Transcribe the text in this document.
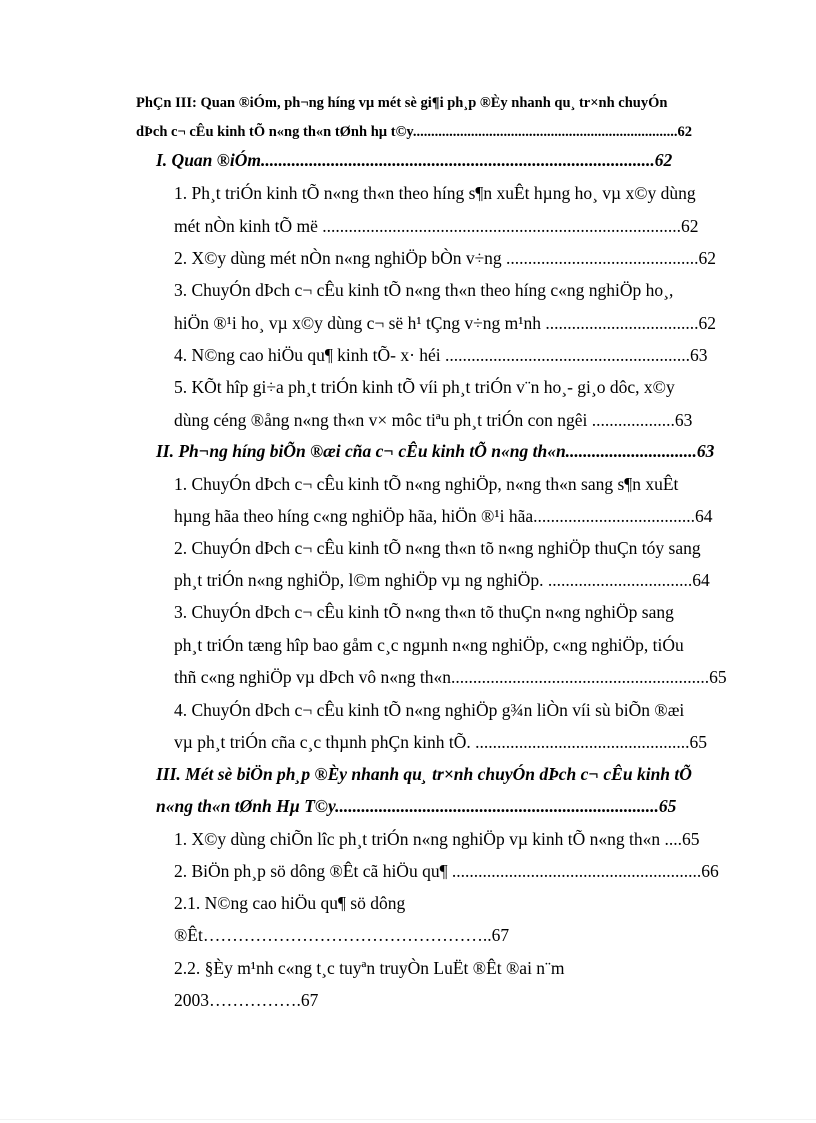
PhÇn III: Quan ®iÓm, ph¬ng híng vµ mét sè gi¶i ph¸p ®Èy nhanh qu¸ tr×nh chuyÓn
dÞch c¬ cÊu kinh tÕ n«ng th«n tØnh hµ t©y.........................................................................62
I. Quan ®iÓm..........................................................................................62
1. Ph¸t triÓn kinh tÕ n«ng th«n theo híng s¶n xuÊt hµng ho¸ vµ x©y dùng
mét nÒn kinh tÕ më ..................................................................................62
2. X©y dùng mét nÒn n«ng nghiÖp bÒn v÷ng ............................................62
3. ChuyÓn dÞch c¬ cÊu kinh tÕ n«ng th«n theo híng c«ng nghiÖp ho¸,
hiÖn ®¹i ho¸ vµ x©y dùng c¬ së h¹ tÇng v÷ng m¹nh ...................................62
4. N©ng cao hiÖu qu¶ kinh tÕ- x· héi ........................................................63
5. KÕt hîp gi÷a ph¸t triÓn kinh tÕ víi ph¸t triÓn v¨n ho¸- gi¸o dôc, x©y
dùng céng ®ång n«ng th«n v× môc tiªu ph¸t triÓn con ngêi ...................63
II. Ph¬ng híng biÕn ®æi cña c¬ cÊu kinh tÕ n«ng th«n..............................63
1. ChuyÓn dÞch c¬ cÊu kinh tÕ n«ng nghiÖp, n«ng th«n sang s¶n xuÊt
hµng hãa theo híng c«ng nghiÖp hãa, hiÖn ®¹i hãa.....................................64
2. ChuyÓn dÞch c¬ cÊu kinh tÕ n«ng th«n tõ n«ng nghiÖp thuÇn tóy sang
ph¸t triÓn n«ng nghiÖp, l©m nghiÖp vµ ng nghiÖp. .................................64
3. ChuyÓn dÞch c¬ cÊu kinh tÕ n«ng th«n tõ thuÇn n«ng nghiÖp sang
ph¸t triÓn tæng hîp bao gåm c¸c ngµnh n«ng nghiÖp, c«ng nghiÖp, tiÓu
thñ c«ng nghiÖp vµ dÞch vô n«ng th«n...........................................................65
4. ChuyÓn dÞch c¬ cÊu kinh tÕ n«ng nghiÖp g¾n liÒn víi sù biÕn ®æi
vµ ph¸t triÓn cña c¸c thµnh phÇn kinh tÕ. .................................................65
III. Mét sè biÖn ph¸p ®Èy nhanh qu¸ tr×nh chuyÓn dÞch c¬ cÊu kinh tÕ
n«ng th«n tØnh Hµ T©y..........................................................................65
1. X©y dùng chiÕn lîc ph¸t triÓn n«ng nghiÖp vµ kinh tÕ n«ng th«n ....65
2. BiÖn ph¸p sö dông ®Êt cã hiÖu qu¶ .........................................................66
2.1. N©ng cao hiÖu qu¶ sö dông
®Êt…………………………………………..67
2.2. §Èy m¹nh c«ng t¸c tuyªn truyÒn LuËt ®Êt ®ai n¨m
2003…………….67
